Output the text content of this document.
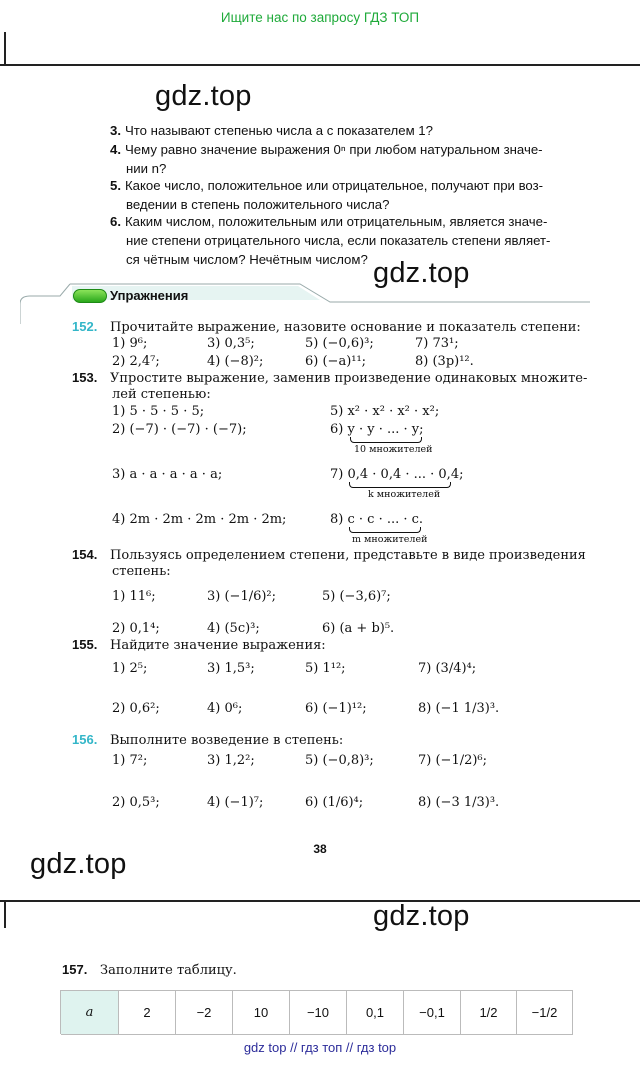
Ищите нас по запросу ГДЗ ТОП
gdz.top
3. Что называют степенью числа a с показателем 1?
4. Чему равно значение выражения 0ⁿ при любом натуральном значе-
нии n?
5. Какое число, положительное или отрицательное, получают при воз-
ведении в степень положительного числа?
6. Каким числом, положительным или отрицательным, является значе-
ние степени отрицательного числа, если показатель степени являет-
ся чётным числом? Нечётным числом? gdz.top
Упражнения
152. Прочитайте выражение, назовите основание и показатель степени:
1) 9⁶;	3) 0,3⁵;	5) (−0,6)³;	7) 73¹;
2) 2,4⁷;	4) (−8)²;	6) (−a)¹¹;	8) (3p)¹².
153. Упростите выражение, заменив произведение одинаковых множите-
лей степенью:
1) 5 · 5 · 5 · 5;	5) x² · x² · x² · x²;
2) (−7) · (−7) · (−7);	6) y · y · ... · y;
3) a · a · a · a · a;	7) 0,4 · 0,4 · ... · 0,4;
4) 2m · 2m · 2m · 2m · 2m;	8) c · c · ... · c.
10 множителей
k множителей
m множителей
154. Пользуясь определением степени, представьте в виде произведения
степень:
1) 11⁶;	3) (−1/6)²;	5) (−3,6)⁷;
2) 0,1⁴;	4) (5c)³;	6) (a + b)⁵.
155. Найдите значение выражения:
1) 2⁵;	3) 1,5³;	5) 1¹²;	7) (3/4)⁴;
2) 0,6²;	4) 0⁶;	6) (−1)¹²;	8) (−1 1/3)³.
156. Выполните возведение в степень:
1) 7²;	3) 1,2²;	5) (−0,8)³;	7) (−1/2)⁶;
2) 0,5³;	4) (−1)⁷;	6) (1/6)⁴;	8) (−3 1/3)³.
38
gdz.top
gdz.top
157. Заполните таблицу.
a	2	−2	10	−10	0,1	−0,1	1/2	−1/2
gdz top // гдз топ // гдз top
